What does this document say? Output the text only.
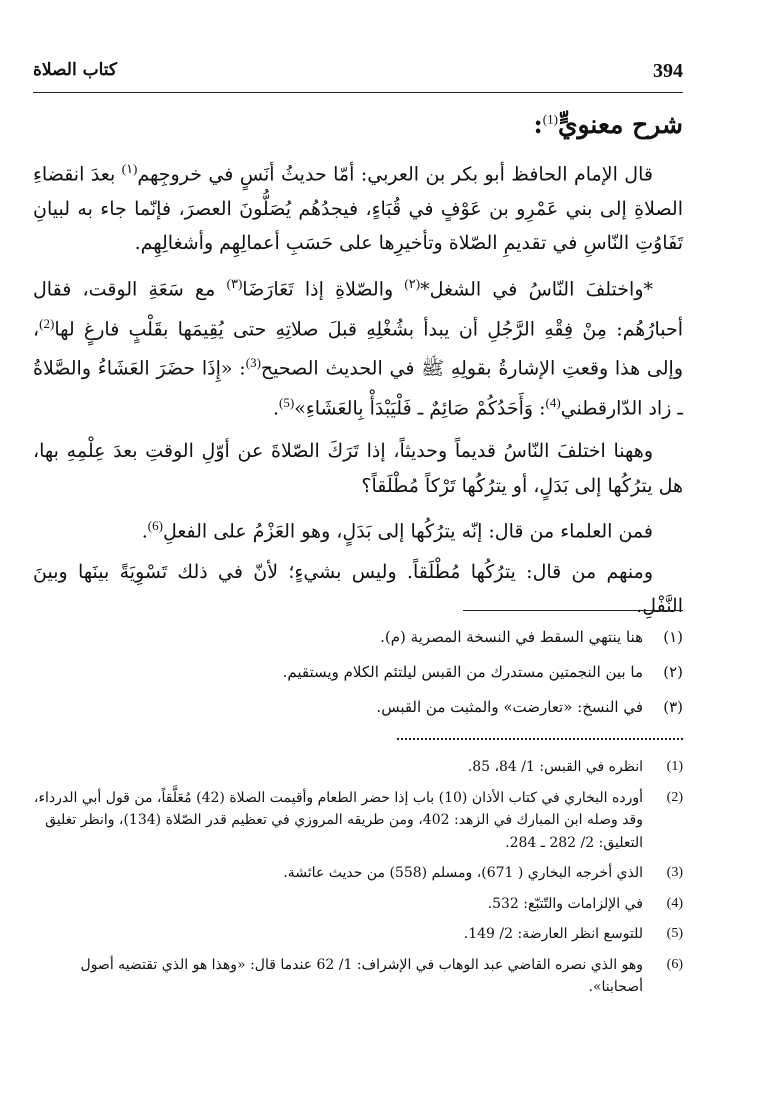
394
كتاب الصلاة
شرح معنويٍّ$^{(1)}$:

قال الإمام الحافظ أبو بكر بن العربي: أمّا حديثُ أنَسٍ في خروجِهم$^{(١)}$ بعدَ انقضاءِ الصلاةِ إلى بني عَمْرِو بن عَوْفٍ في قُبَاءٍ، فيجدُهُم يُصَلُّونَ العصرَ، فإنّما جاء به لبيانِ تَفَاوُتِ النّاسِ في تقديمِ الصّلاة وتأخيرِها على حَسَبِ أعمالِهِم وأشغالِهِم.

*واختلفَ النّاسُ في الشغل*$^{(٢)}$ والصّلاةِ إذا تَعَارَضَا$^{(٣)}$ مع سَعَةِ الوقت، فقال أحبارُهُم: مِنْ فِقْهِ الرَّجُلِ أن يبدأ بشُغْلِهِ قبلَ صلاتِهِ حتى يُقِيمَها بقَلْبٍ فارغٍ لها$^{(2)}$، وإلى هذا وقعتِ الإشارةُ بقولِهِ ﷺ في الحديث الصحيح$^{(3)}$: «إِذَا حضَرَ العَشَاءُ والصَّلاةُ ـ زاد الدّارقطني$^{(4)}$: وَأَحَدُكُمْ صَائِمٌ ـ فَلْيَبْدَأْ بِالعَشَاءِ»$^{(5)}$.

وههنا اختلفَ النّاسُ قديماً وحديثاً، إذا تَرَكَ الصّلاةَ عن أوّلِ الوقتِ بعدَ عِلْمِهِ بها، هل يترُكُها إلى بَدَلٍ، أو يترُكُها تَرْكاً مُطْلَقاً؟

فمن العلماء من قال: إنّه يترُكُها إلى بَدَلٍ، وهو العَزْمُ على الفعلِ$^{(6)}$.

ومنهم من قال: يترُكُها مُطْلَقاً. وليس بشيءٍ؛ لأنّ في ذلك تَسْوِيَةً بينَها وبينَ النَّفْلِ.

(١)
هنا ينتهي السقط في النسخة المصرية (م).
(٢)
ما بين النجمتين مستدرك من القبس ليلتئم الكلام ويستقيم.
(٣)
في النسخ: «تعارضت» والمثبت من القبس.
(1)
انظره في القبس: 1/ 84، 85.
(2)
أورده البخاري في كتاب الأذان (10) باب إذا حضر الطعام وأقيمت الصلاة (42) مُعَلَّقاً، من قول أبي الدرداء، وقد وصله ابن المبارك في الزهد: 402، ومن طريقه المروزي في تعظيم قدر الصّلاة (134)، وانظر تغليق التعليق: 2/ 282 ـ 284.
(3)
الذي أخرجه البخاري ( 671)، ومسلم (558) من حديث عائشة.
(4)
في الإلزامات والتّتبّع: 532.
(5)
للتوسع انظر العارضة: 2/ 149.
(6)
وهو الذي نصره القاضي عبد الوهاب في الإشراف: 1/ 62 عندما قال: «وهذا هو الذي تقتضيه أصول أصحابنا».
